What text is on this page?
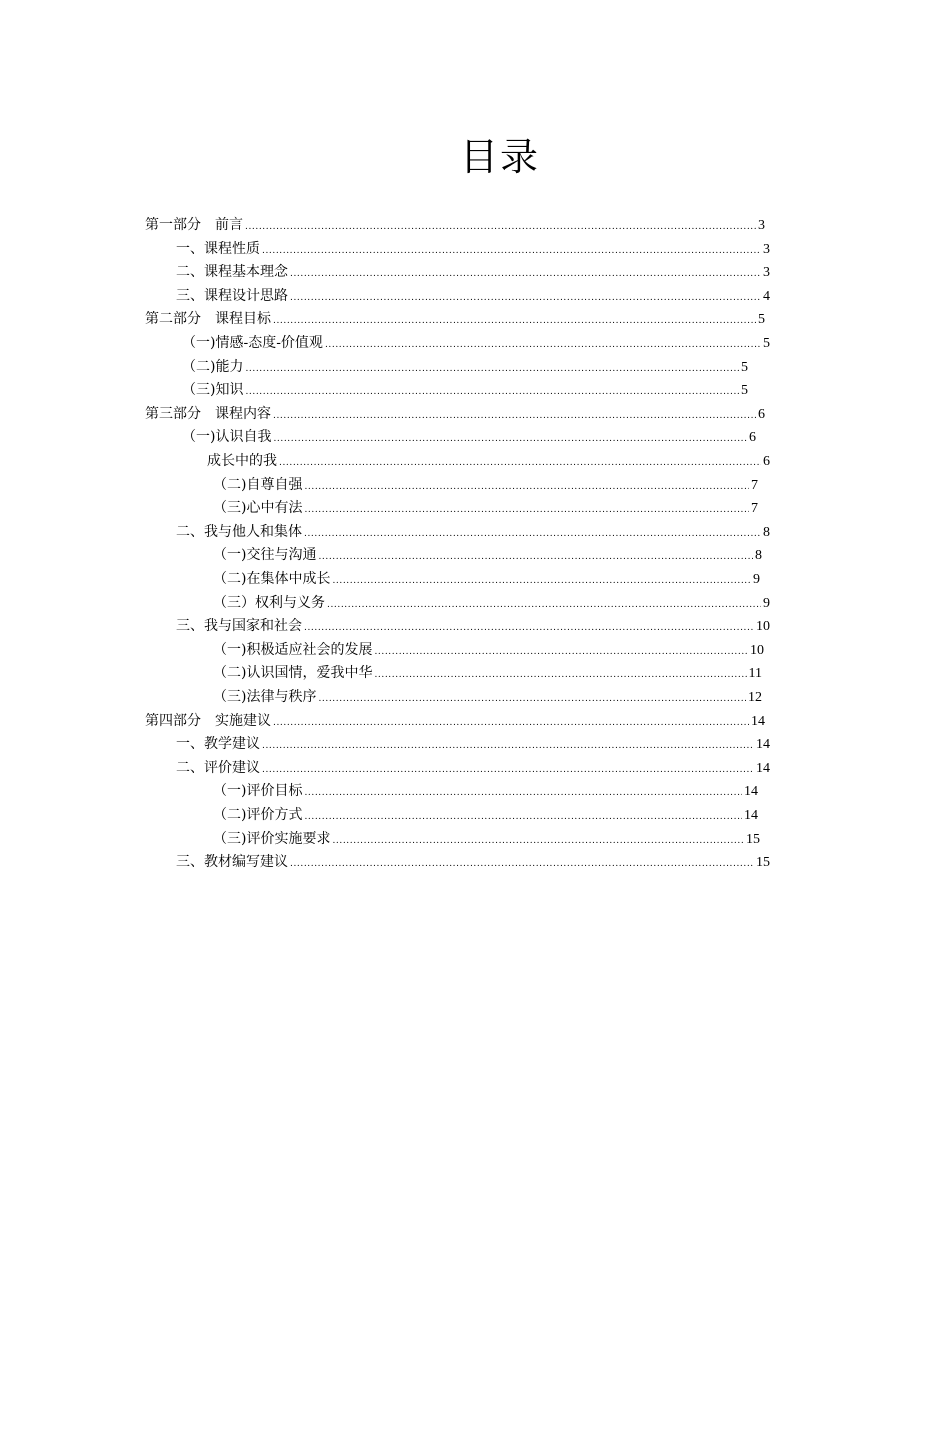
目录
第一部分　前言 .....	3
一、课程性质 .....	3
二、课程基本理念 .....	3
三、课程设计思路 .....	4
第二部分　课程目标 .....	5
（一)情感-态度-价值观 .....	5
（二)能力 .....	5
（三)知识 .....	5
第三部分　课程内容 .....	6
（一)认识自我 .....	6
成长中的我 .....	6
（二)自尊自强 .....	7
（三)心中有法 .....	7
二、我与他人和集体 .....	8
（一)交往与沟通 .....	8
（二)在集体中成长 .....	9
（三）权利与义务 .....	9
三、我与国家和社会 .....	10
（一)积极适应社会的发展 .....	10
（二)认识国情，爱我中华 .....	11
（三)法律与秩序 .....	12
第四部分　实施建议 .....	14
一、教学建议 .....	14
二、评价建议 .....	14
（一)评价目标 .....	14
（二)评价方式 .....	14
（三)评价实施要求 .....	15
三、教材编写建议 .....	15
